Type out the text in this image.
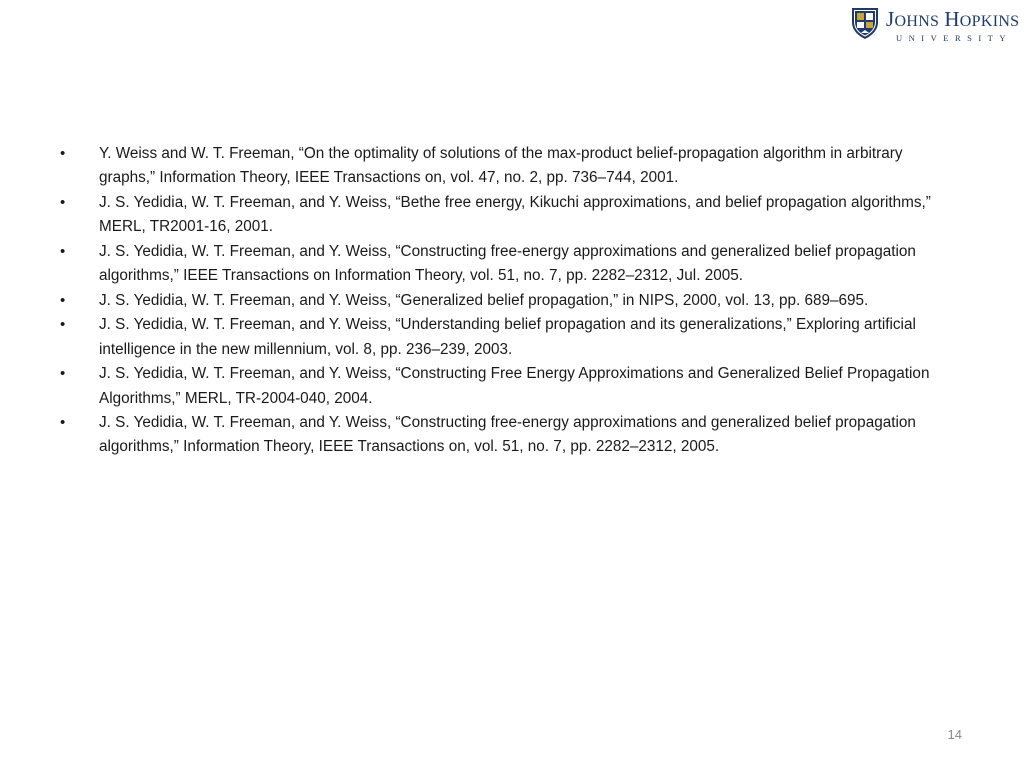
JOHNS HOPKINS
UNIVERSITY
• Y. Weiss and W. T. Freeman, “On the optimality of solutions of the max-product belief-propagation algorithm in arbitrary graphs,” Information Theory, IEEE Transactions on, vol. 47, no. 2, pp. 736–744, 2001.
• J. S. Yedidia, W. T. Freeman, and Y. Weiss, “Bethe free energy, Kikuchi approximations, and belief propagation algorithms,” MERL, TR2001-16, 2001.
• J. S. Yedidia, W. T. Freeman, and Y. Weiss, “Constructing free-energy approximations and generalized belief propagation algorithms,” IEEE Transactions on Information Theory, vol. 51, no. 7, pp. 2282–2312, Jul. 2005.
• J. S. Yedidia, W. T. Freeman, and Y. Weiss, “Generalized belief propagation,” in NIPS, 2000, vol. 13, pp. 689–695.
• J. S. Yedidia, W. T. Freeman, and Y. Weiss, “Understanding belief propagation and its generalizations,” Exploring artificial intelligence in the new millennium, vol. 8, pp. 236–239, 2003.
• J. S. Yedidia, W. T. Freeman, and Y. Weiss, “Constructing Free Energy Approximations and Generalized Belief Propagation Algorithms,” MERL, TR-2004-040, 2004.
• J. S. Yedidia, W. T. Freeman, and Y. Weiss, “Constructing free-energy approximations and generalized belief propagation algorithms,” Information Theory, IEEE Transactions on, vol. 51, no. 7, pp. 2282–2312, 2005.
14
